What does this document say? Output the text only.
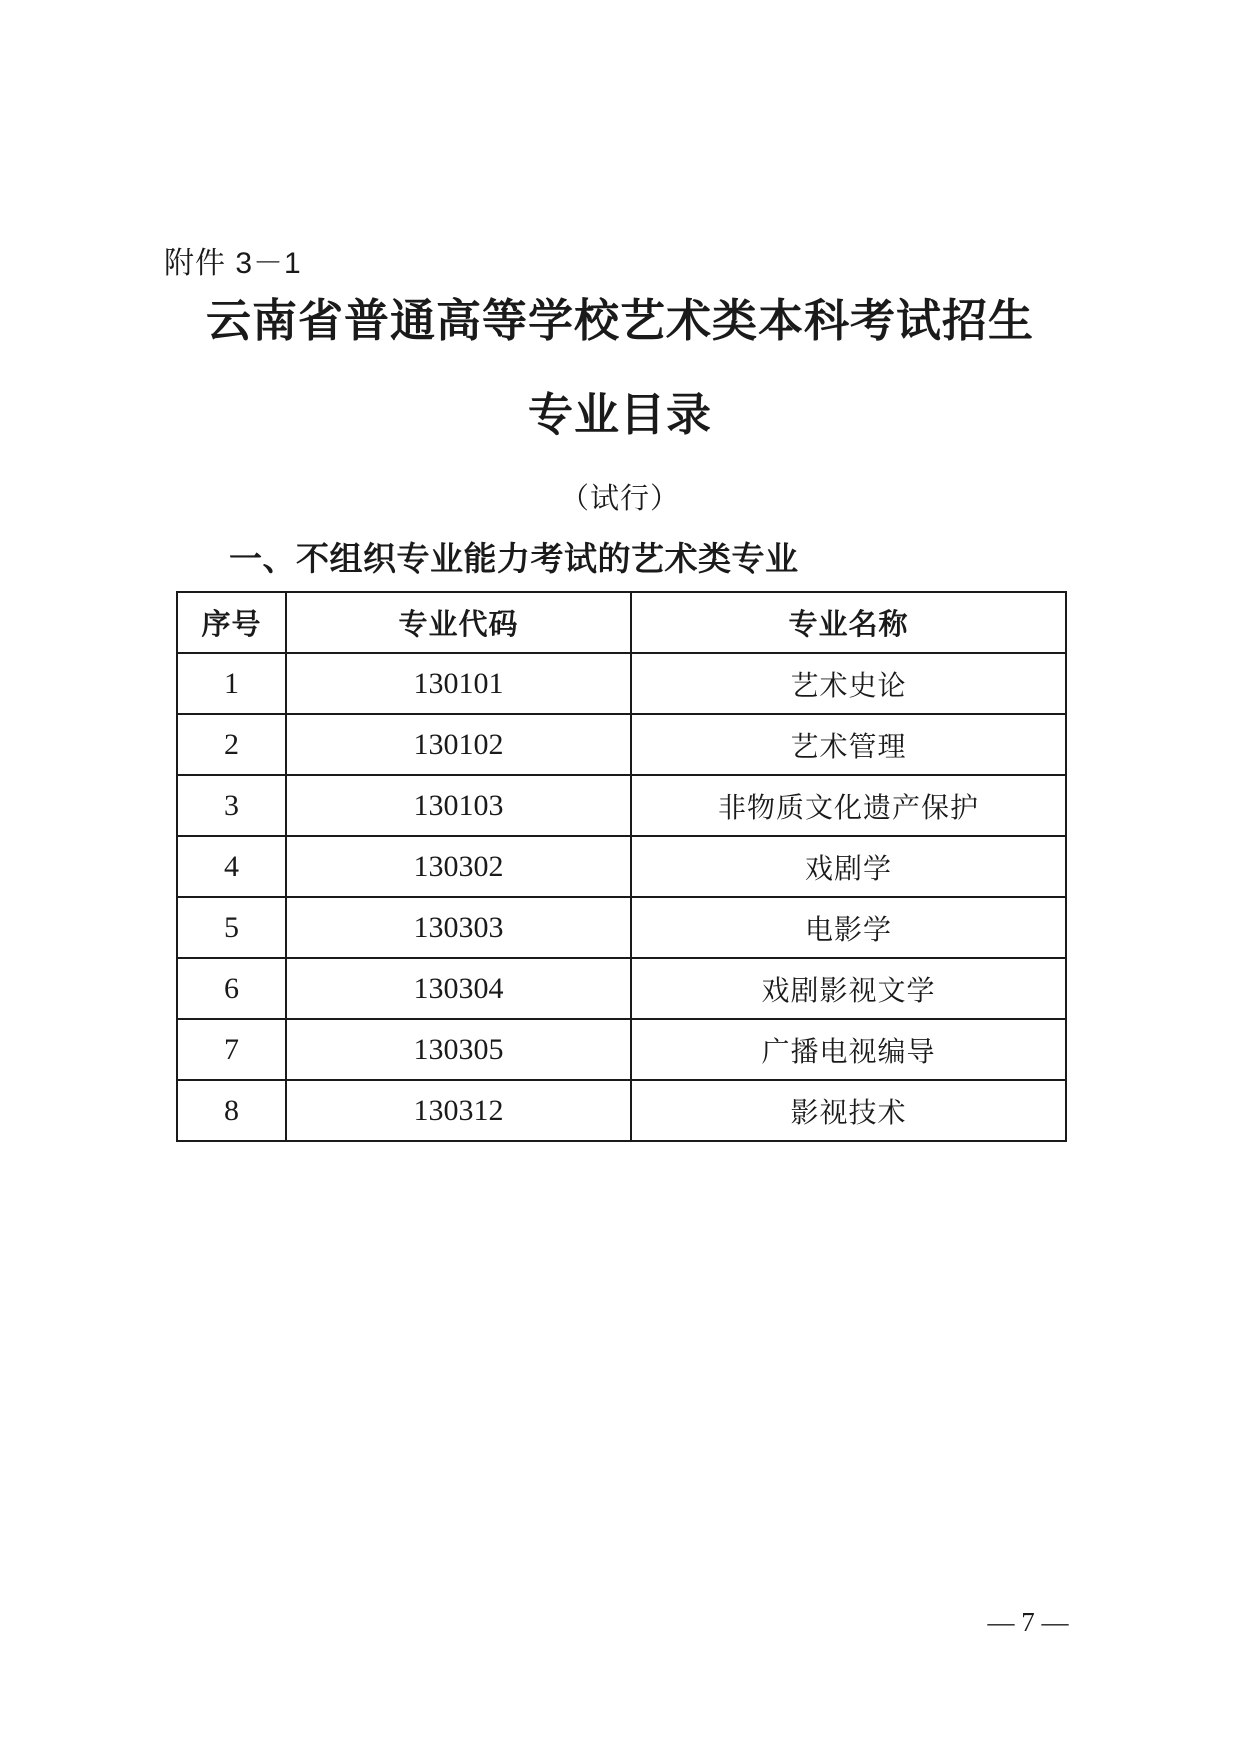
附件 3－1
云南省普通高等学校艺术类本科考试招生
专业目录
（试行）
一、不组织专业能力考试的艺术类专业
序号	专业代码	专业名称
1	130101	艺术史论
2	130102	艺术管理
3	130103	非物质文化遗产保护
4	130302	戏剧学
5	130303	电影学
6	130304	戏剧影视文学
7	130305	广播电视编导
8	130312	影视技术
— 7 —
